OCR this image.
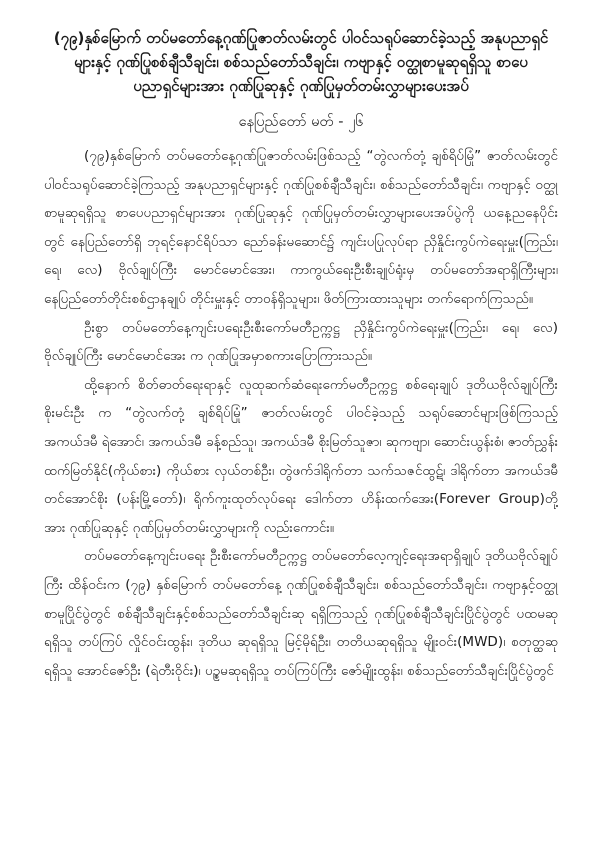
(၇၉)နှစ်မြောက် တပ်မတော်နေ့ဂုဏ်ပြုဇာတ်လမ်းတွင် ပါဝင်သရုပ်ဆောင်ခဲ့သည့် အနုပညာရှင်
များနှင့် ဂုဏ်ပြုစစ်ချီသီချင်း၊ စစ်သည်တော်သီချင်း၊ ကဗျာနှင့် ဝတ္ထုစာမူဆုရရှိသူ စာပေ
ပညာရှင်များအား ဂုဏ်ပြုဆုနှင့် ဂုဏ်ပြုမှတ်တမ်းလွှာများပေးအပ်
နေပြည်တော် မတ် - ၂၆

(၇၉)နှစ်မြောက် တပ်မတော်နေ့ဂုဏ်ပြုဇာတ်လမ်းဖြစ်သည့် “တွဲလက်တုံ့ ချစ်ရိပ်မြုံ” ဇာတ်လမ်းတွင် ပါဝင်သရုပ်ဆောင်ခဲ့ကြသည့် အနုပညာရှင်များနှင့် ဂုဏ်ပြုစစ်ချီသီချင်း၊ စစ်သည်တော်သီချင်း၊ ကဗျာနှင့် ဝတ္ထုစာမူဆုရရှိသူ စာပေပညာရှင်များအား ဂုဏ်ပြုဆုနှင့် ဂုဏ်ပြုမှတ်တမ်းလွှာများပေးအပ်ပွဲကို ယနေ့ညနေပိုင်းတွင် နေပြည်တော်ရှိ ဘုရင့်နောင်ရိပ်သာ ညော်ခန်းမဆောင်၌ ကျင်းပပြုလုပ်ရာ ညှိနှိုင်းကွပ်ကဲရေးမှူး(ကြည်း၊ ရေ၊ လေ) ဗိုလ်ချုပ်ကြီး မောင်မောင်အေး၊ ကာကွယ်ရေးဦးစီးချုပ်ရုံးမှ တပ်မတော်အရာရှိကြီးများ၊ နေပြည်တော်တိုင်းစစ်ဌာနချုပ် တိုင်းမှူးနှင့် တာဝန်ရှိသူများ၊ ဖိတ်ကြားထားသူများ တက်ရောက်ကြသည်။

ဦးစွာ တပ်မတော်နေ့ကျင်းပရေးဦးစီးကော်မတီဥက္ကဋ္ဌ ညှိနှိုင်းကွပ်ကဲရေးမှူး(ကြည်း၊ ရေ၊ လေ) ဗိုလ်ချုပ်ကြီး မောင်မောင်အေး က ဂုဏ်ပြုအမှာစကားပြောကြားသည်။

ထို့နောက် စိတ်ဓာတ်ရေးရာနှင့် လူထုဆက်ဆံရေးကော်မတီဥက္ကဋ္ဌ စစ်ရေးချုပ် ဒုတိယဗိုလ်ချုပ်ကြီး စိုးမင်းဦး က “တွဲလက်တုံ့ ချစ်ရိပ်မြုံ” ဇာတ်လမ်းတွင် ပါဝင်ခဲ့သည့် သရုပ်ဆောင်များဖြစ်ကြသည့် အကယ်ဒမီ ရဲအောင်၊ အကယ်ဒမီ ခန့်စည်သူ၊ အကယ်ဒမီ စိုးမြတ်သူဇာ၊ ဆုကဗျာ၊ ဆောင်းယွန်းစံ၊ ဇာတ်ညွှန်း ထက်မြတ်နိုင်(ကိုယ်စား) ကိုယ်စား လှယ်တစ်ဦး၊ တွဲဖက်ဒါရိုက်တာ သက်သဇင်ထွဋ်၊ ဒါရိုက်တာ အကယ်ဒမီ တင်အောင်စိုး (ပန်းမြို့တော်)၊ ရိုက်ကူးထုတ်လုပ်ရေး ဒေါက်တာ ဟိန်းထက်အေး(Forever Group)တို့အား ဂုဏ်ပြုဆုနှင့် ဂုဏ်ပြုမှတ်တမ်းလွှာများကို လည်းကောင်း။

တပ်မတော်နေ့ကျင်းပရေး ဦးစီးကော်မတီဥက္ကဋ္ဌ တပ်မတော်လေ့ကျင့်ရေးအရာရှိချုပ် ဒုတိယဗိုလ်ချုပ်ကြီး ထိန်ဝင်းက (၇၉) နှစ်မြောက် တပ်မတော်နေ့ ဂုဏ်ပြုစစ်ချီသီချင်း၊ စစ်သည်တော်သီချင်း၊ ကဗျာနှင့်ဝတ္ထုစာမူပြိုင်ပွဲတွင် စစ်ချီသီချင်းနှင့်စစ်သည်တော်သီချင်းဆု ရရှိကြသည့် ဂုဏ်ပြုစစ်ချီသီချင်းပြိုင်ပွဲတွင် ပထမဆုရရှိသူ တပ်ကြပ် လှိုင်ဝင်းထွန်း၊ ဒုတိယ ဆုရရှိသူ မြင့်မိုရ်ဦး၊ တတိယဆုရရှိသူ မျိုးဝင်း(MWD)၊ စတုတ္ထဆုရရှိသူ အောင်ဇော်ဦး (ရဲတီးဝိုင်း)၊ ပဉ္စမဆုရရှိသူ တပ်ကြပ်ကြီး ဇော်မျိုးထွန်း၊ စစ်သည်တော်သီချင်းပြိုင်ပွဲတွင်
